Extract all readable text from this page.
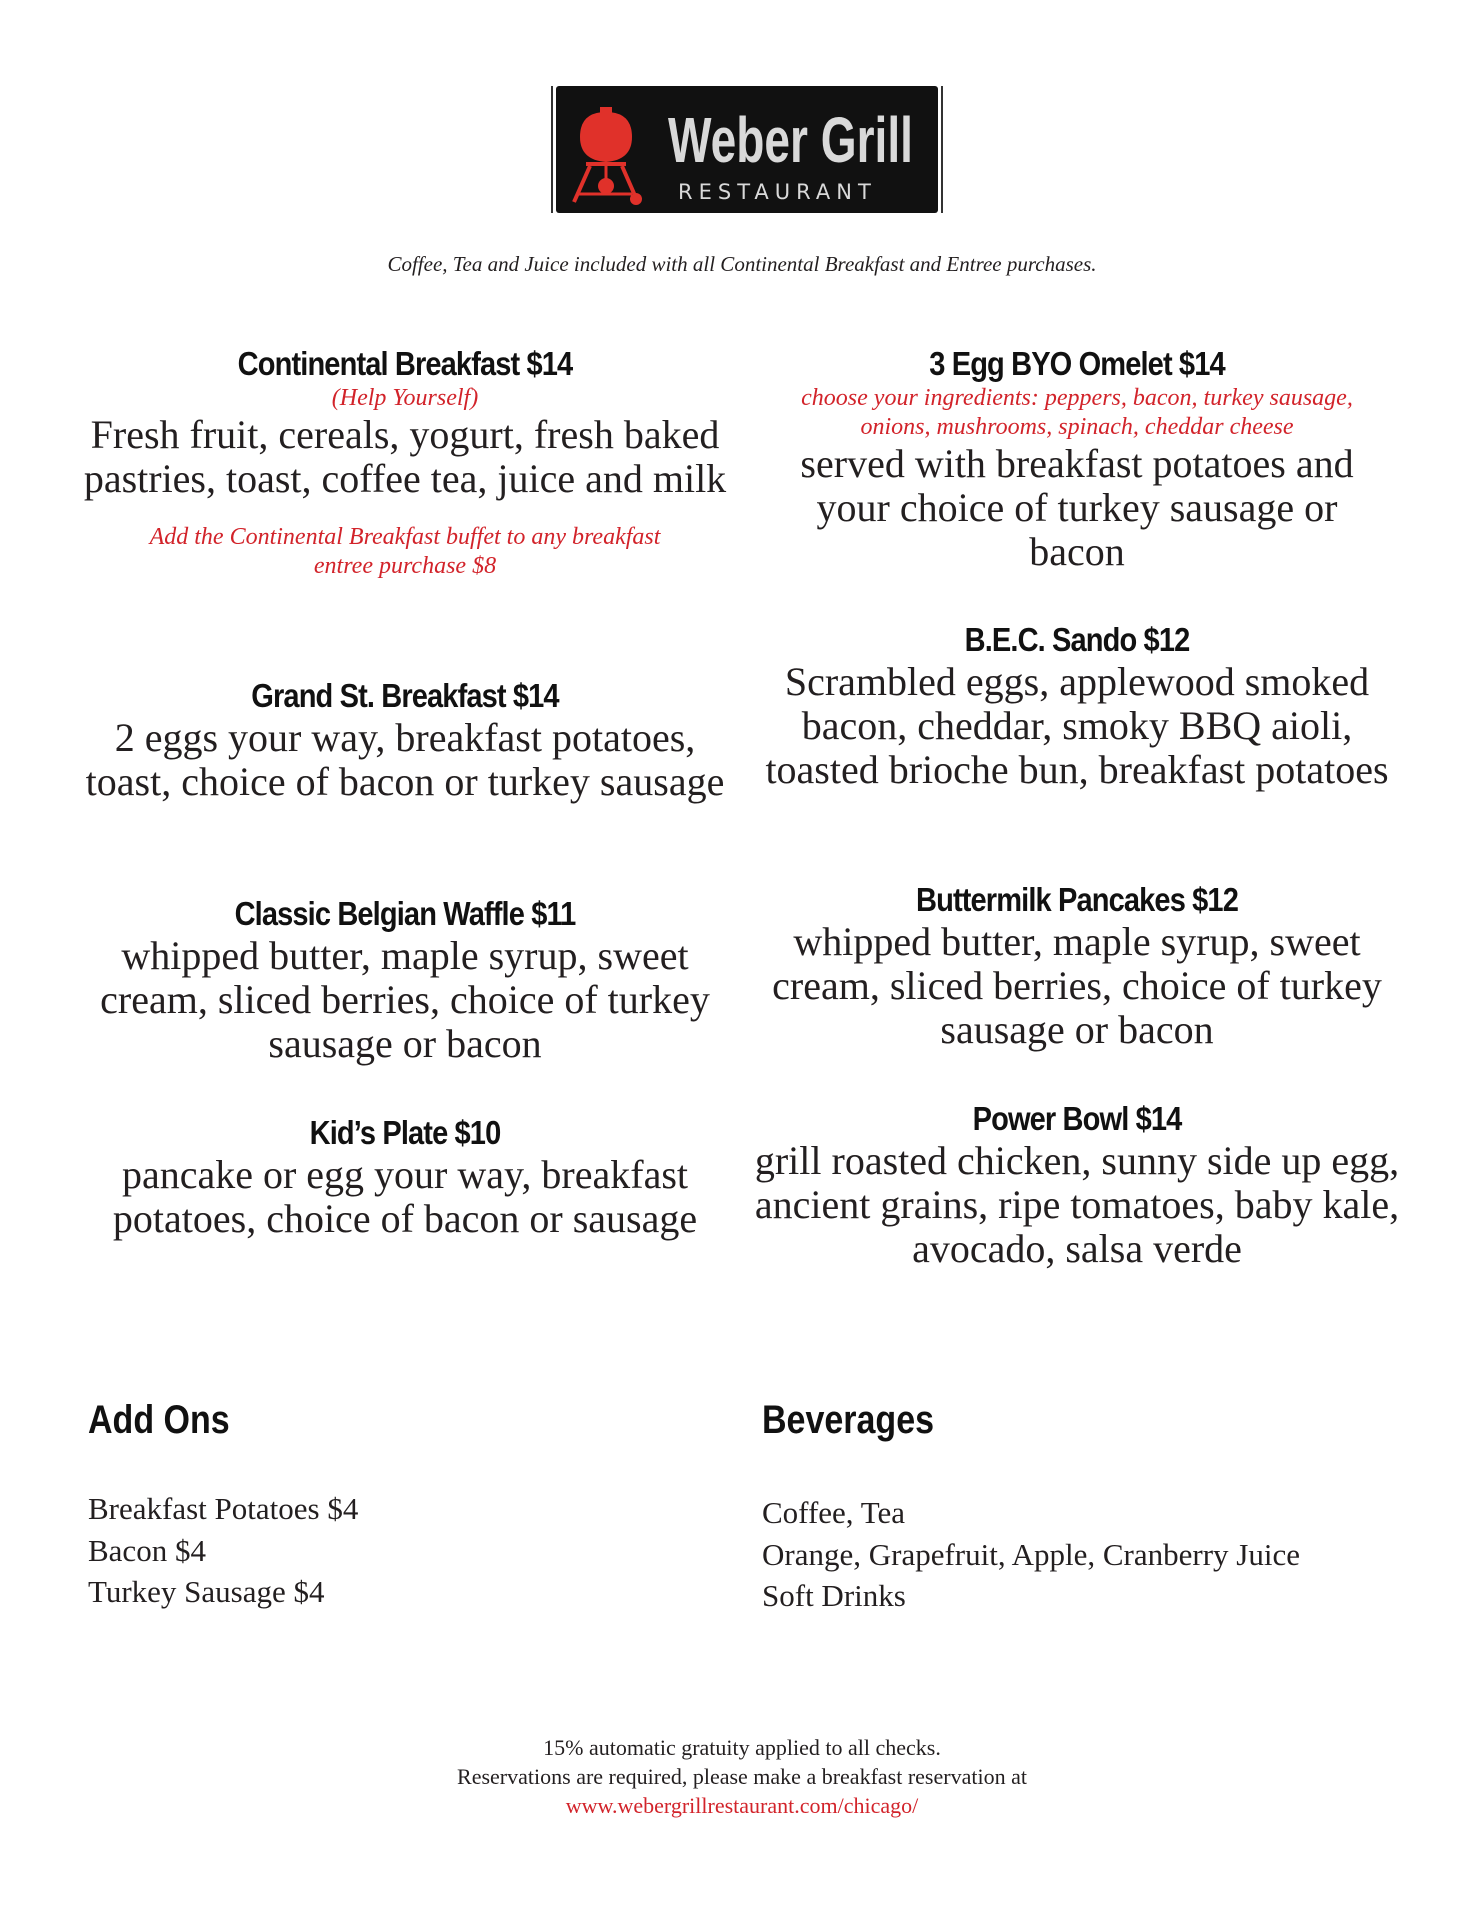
Weber Grill
RESTAURANT
Coffee, Tea and Juice included with all Continental Breakfast and Entree purchases.
Continental Breakfast $14
(Help Yourself)
Fresh fruit, cereals, yogurt, fresh baked pastries, toast, coffee tea, juice and milk
Add the Continental Breakfast buffet to any breakfast entree purchase $8
Grand St. Breakfast $14
2 eggs your way, breakfast potatoes, toast, choice of bacon or turkey sausage
Classic Belgian Waffle $11
whipped butter, maple syrup, sweet cream, sliced berries, choice of turkey sausage or bacon
Kid’s Plate $10
pancake or egg your way, breakfast potatoes, choice of bacon or sausage
3 Egg BYO Omelet $14
choose your ingredients: peppers, bacon, turkey sausage, onions, mushrooms, spinach, cheddar cheese
served with breakfast potatoes and your choice of turkey sausage or bacon
B.E.C. Sando $12
Scrambled eggs, applewood smoked bacon, cheddar, smoky BBQ aioli, toasted brioche bun, breakfast potatoes
Buttermilk Pancakes $12
whipped butter, maple syrup, sweet cream, sliced berries, choice of turkey sausage or bacon
Power Bowl $14
grill roasted chicken, sunny side up egg, ancient grains, ripe tomatoes, baby kale, avocado, salsa verde
Add Ons
Breakfast Potatoes $4
Bacon $4
Turkey Sausage $4
Beverages
Coffee, Tea
Orange, Grapefruit, Apple, Cranberry Juice
Soft Drinks
15% automatic gratuity applied to all checks.
Reservations are required, please make a breakfast reservation at
www.webergrillrestaurant.com/chicago/
